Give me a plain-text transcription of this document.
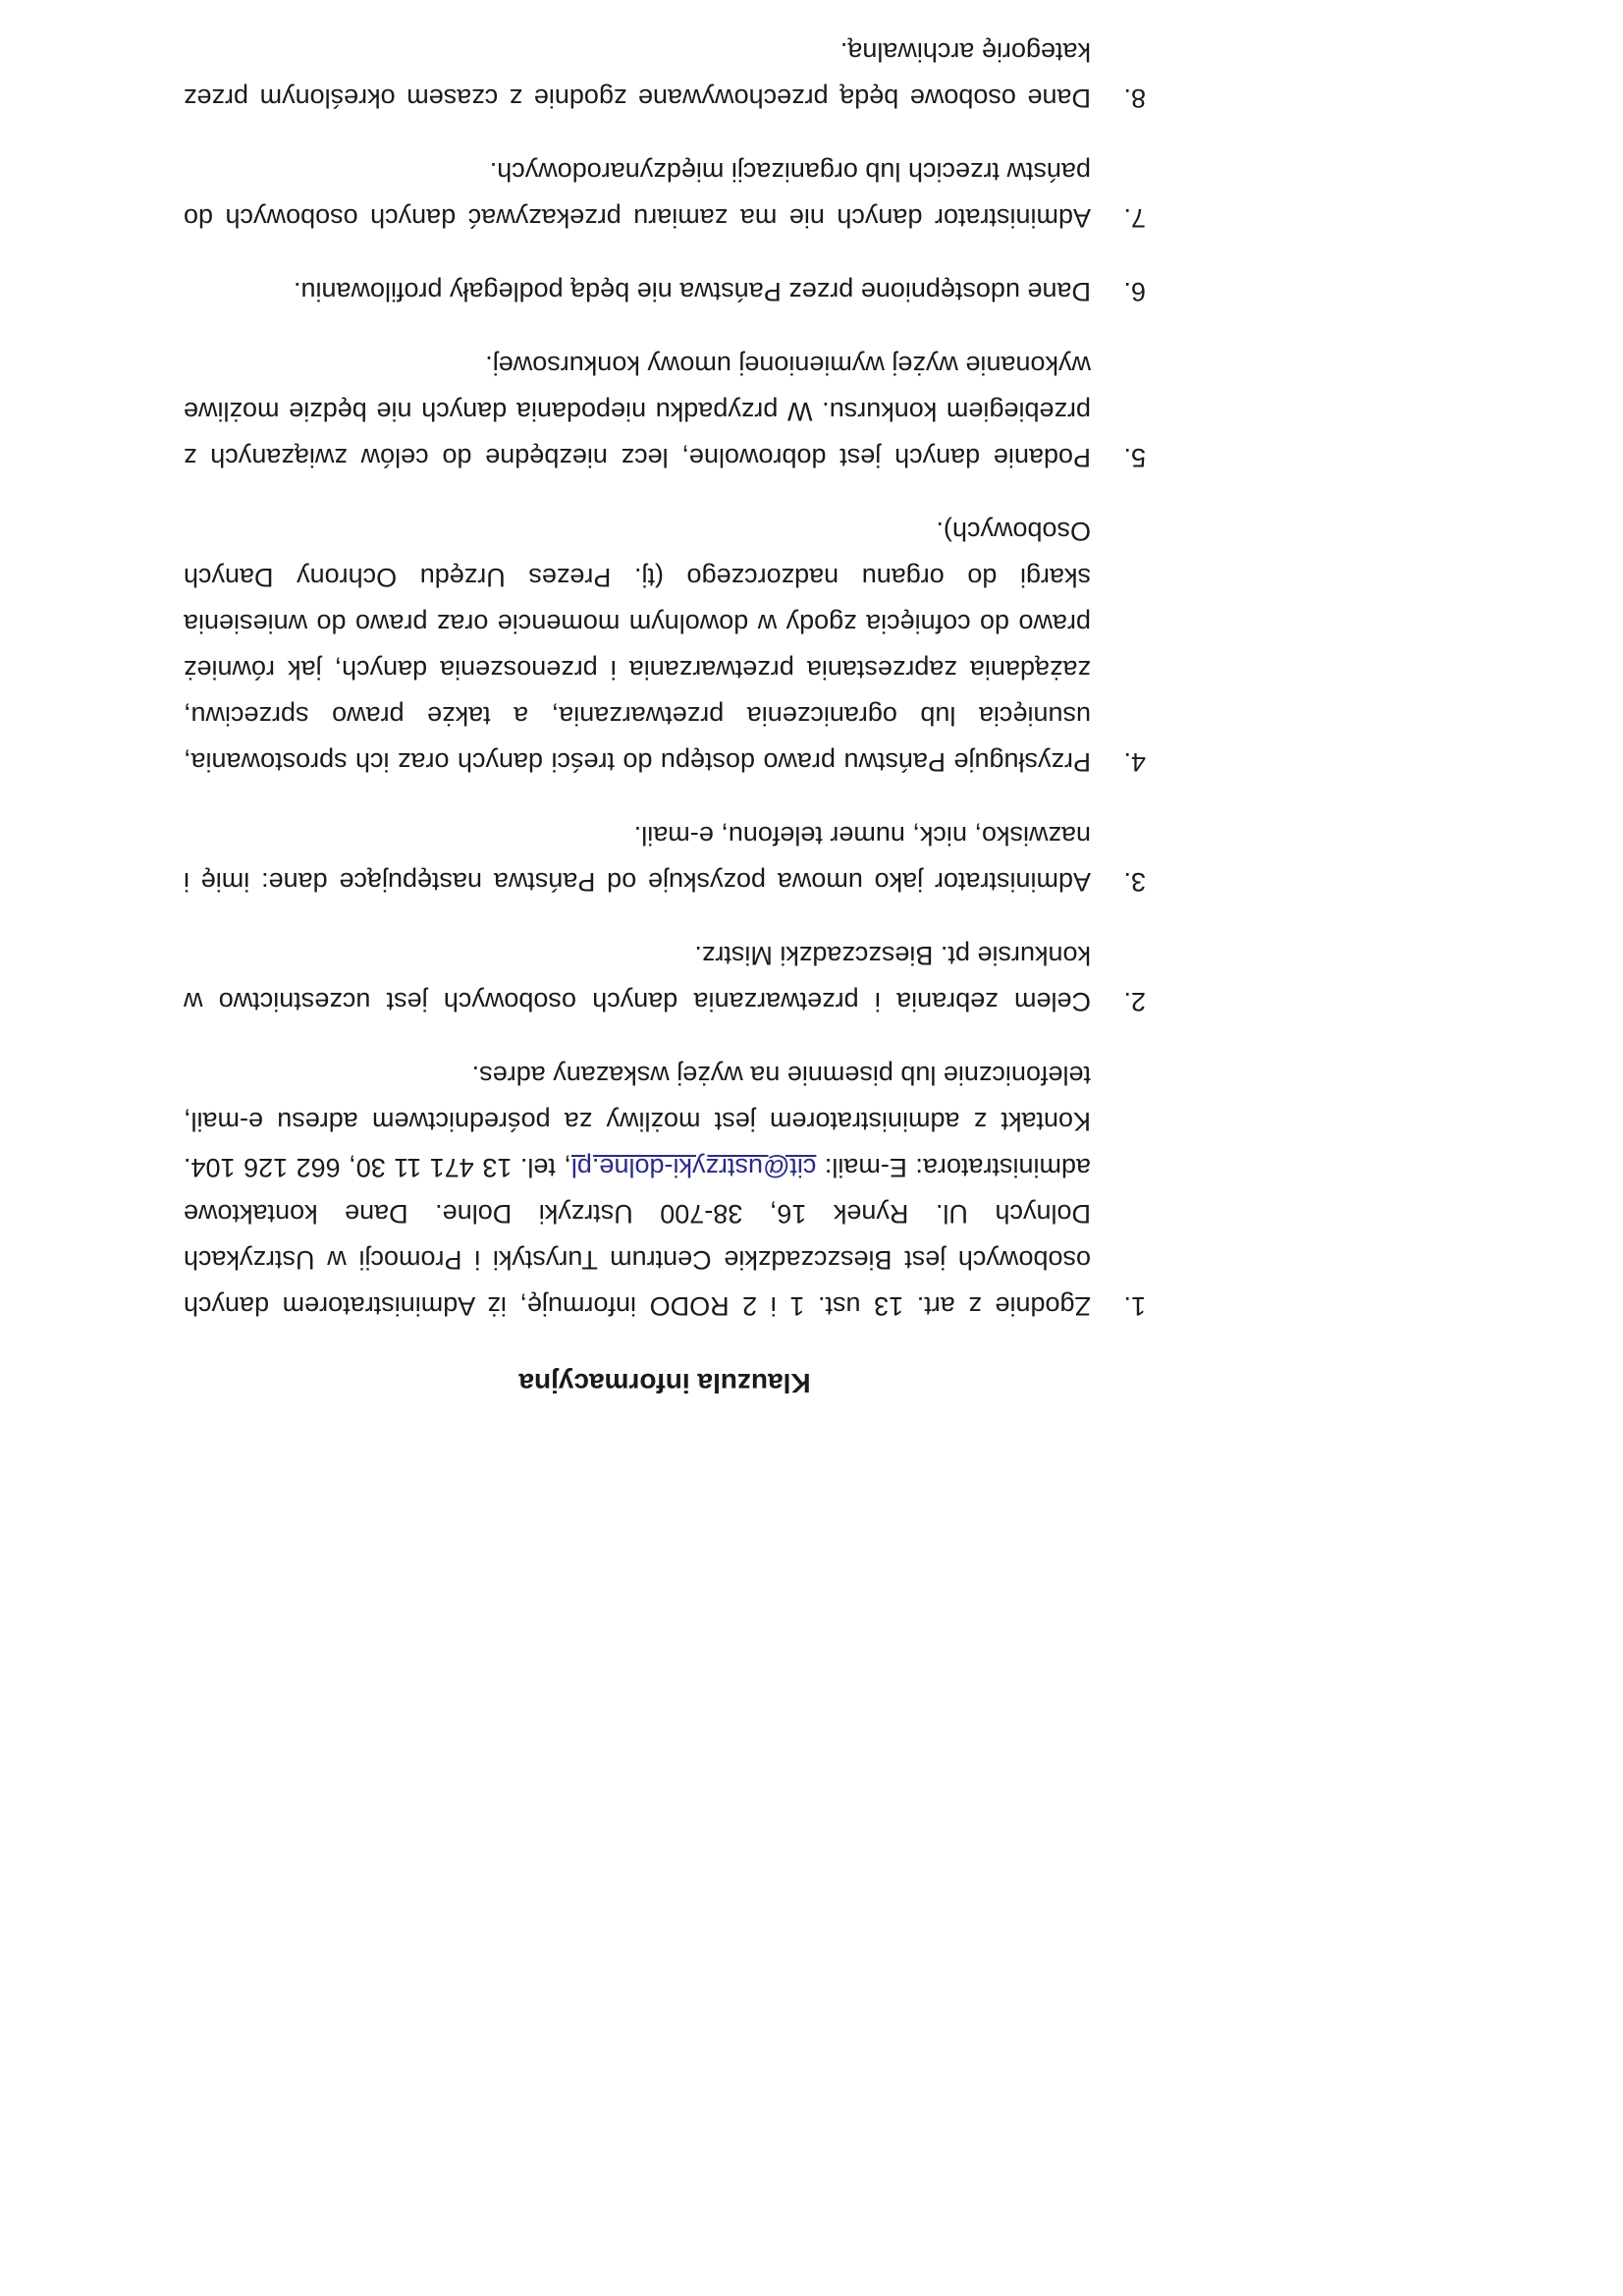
Klauzula informacyjna
1.
Zgodnie z art. 13 ust. 1 i 2 RODO informuję, iż Administratorem danych osobowych jest Bieszczadzkie Centrum Turystyki i Promocji w Ustrzykach Dolnych Ul. Rynek 16, 38-700 Ustrzyki Dolne. Dane kontaktowe administratora: E-mail: cit@ustrzyki-dolne.pl, tel. 13 471 11 30, 662 126 104. Kontakt z administratorem jest możliwy za pośrednictwem adresu e-mail, telefonicznie lub pisemnie na wyżej wskazany adres.
2.
Celem zebrania i przetwarzania danych osobowych jest uczestnictwo w konkursie pt. Bieszczadzki Mistrz.
3.
Administrator jako umowa pozyskuje od Państwa następujące dane: imię i nazwisko, nick, numer telefonu, e-mail.
4.
Przysługuje Państwu prawo dostępu do treści danych oraz ich sprostowania, usunięcia lub ograniczenia przetwarzania, a także prawo sprzeciwu, zażądania zaprzestania przetwarzania i przenoszenia danych, jak również prawo do cofnięcia zgody w dowolnym momencie oraz prawo do wniesienia skargi do organu nadzorczego (tj. Prezes Urzędu Ochrony Danych Osobowych).
5.
Podanie danych jest dobrowolne, lecz niezbędne do celów związanych z przebiegiem konkursu. W przypadku niepodania danych nie będzie możliwe wykonanie wyżej wymienionej umowy konkursowej.
6.
Dane udostępnione przez Państwa nie będą podlegały profilowaniu.
7.
Administrator danych nie ma zamiaru przekazywać danych osobowych do państw trzecich lub organizacji międzynarodowych.
8.
Dane osobowe będą przechowywane zgodnie z czasem określonym przez kategorię archiwalną.
